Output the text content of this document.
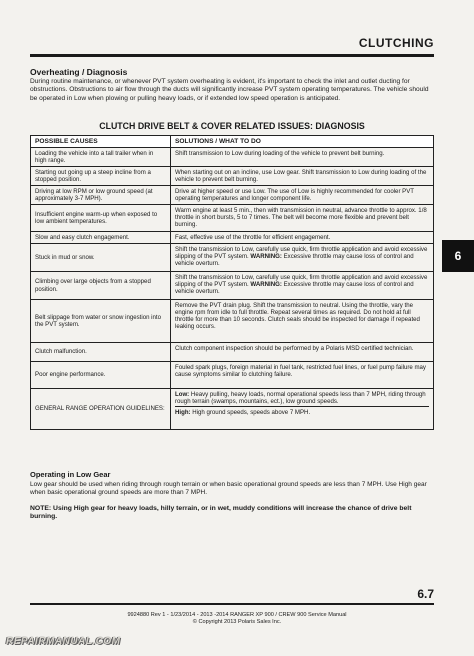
CLUTCHING
Overheating / Diagnosis
During routine maintenance, or whenever PVT system overheating is evident, it's important to check the inlet and outlet ducting for obstructions. Obstructions to air flow through the ducts will significantly increase PVT system operating temperatures. The vehicle should be operated in Low when plowing or pulling heavy loads, or if extended low speed operation is anticipated.
CLUTCH DRIVE BELT & COVER RELATED ISSUES: DIAGNOSIS
POSSIBLE CAUSES	SOLUTIONS / WHAT TO DO
Loading the vehicle into a tall trailer when in high range.
Shift transmission to Low during loading of the vehicle to prevent belt burning.
Starting out going up a steep incline from a stopped position.
When starting out on an incline, use Low gear. Shift transmission to Low during loading of the vehicle to prevent belt burning.
Driving at low RPM or low ground speed (at approximately 3-7 MPH).
Drive at higher speed or use Low. The use of Low is highly recommended for cooler PVT operating temperatures and longer component life.
Insufficient engine warm-up when exposed to low ambient temperatures.
Warm engine at least 5 min., then with transmission in neutral, advance throttle to approx. 1/8 throttle in short bursts, 5 to 7 times. The belt will become more flexible and prevent belt burning.
Slow and easy clutch engagement.	Fast, effective use of the throttle for efficient engagement.
Stuck in mud or snow.
Shift the transmission to Low, carefully use quick, firm throttle application and avoid excessive slipping of the PVT system. WARNING: Excessive throttle may cause loss of control and vehicle overturn.
Climbing over large objects from a stopped position.
Shift the transmission to Low, carefully use quick, firm throttle application and avoid excessive slipping of the PVT system. WARNING: Excessive throttle may cause loss of control and vehicle overturn.
Belt slippage from water or snow ingestion into the PVT system.
Remove the PVT drain plug. Shift the transmission to neutral. Using the throttle, vary the engine rpm from idle to full throttle. Repeat several times as required. Do not hold at full throttle for more than 10 seconds. Clutch seals should be inspected for damage if repeated leaking occurs.
Clutch malfunction.
Clutch component inspection should be performed by a Polaris MSD certified technician.
Poor engine performance.
Fouled spark plugs, foreign material in fuel tank, restricted fuel lines, or fuel pump failure may cause symptoms similar to clutching failure.
GENERAL RANGE OPERATION GUIDELINES:
Low: Heavy pulling, heavy loads, normal operational speeds less than 7 MPH, riding through rough terrain (swamps, mountains, ect.), low ground speeds.
High: High ground speeds, speeds above 7 MPH.
Operating in Low Gear
Low gear should be used when riding through rough terrain or when basic operational ground speeds are less than 7 MPH. Use High gear when basic operational ground speeds are more than 7 MPH.
NOTE: Using High gear for heavy loads, hilly terrain, or in wet, muddy conditions will increase the chance of drive belt burning.
6
6.7
9924880 Rev 1 - 1/23/2014 - 2013 -2014 RANGER XP 900 / CREW 900 Service Manual
© Copyright 2013 Polaris Sales Inc.
REPAIRMANUAL.COM
